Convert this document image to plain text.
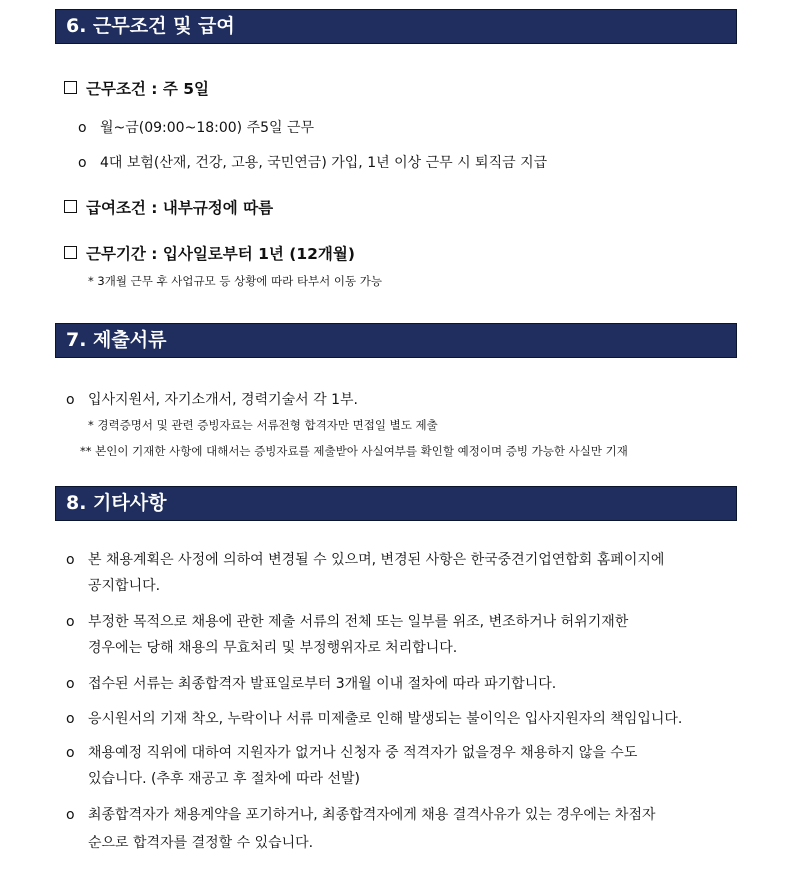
6. 근무조건 및 급여
근무조건 : 주 5일
o 월~금(09:00~18:00) 주5일 근무
o 4대 보험(산재, 건강, 고용, 국민연금) 가입, 1년 이상 근무 시 퇴직금 지급
급여조건 : 내부규정에 따름
근무기간 : 입사일로부터 1년 (12개월)
* 3개월 근무 후 사업규모 등 상황에 따라 타부서 이동 가능
7. 제출서류
o 입사지원서, 자기소개서, 경력기술서 각 1부.
* 경력증명서 및 관련 증빙자료는 서류전형 합격자만 면접일 별도 제출
** 본인이 기재한 사항에 대해서는 증빙자료를 제출받아 사실여부를 확인할 예정이며 증빙 가능한 사실만 기재
8. 기타사항
o 본 채용계획은 사정에 의하여 변경될 수 있으며, 변경된 사항은 한국중견기업연합회 홈페이지에
공지합니다.
o 부정한 목적으로 채용에 관한 제출 서류의 전체 또는 일부를 위조, 변조하거나 허위기재한
경우에는 당해 채용의 무효처리 및 부정행위자로 처리합니다.
o 접수된 서류는 최종합격자 발표일로부터 3개월 이내 절차에 따라 파기합니다.
o 응시원서의 기재 착오, 누락이나 서류 미제출로 인해 발생되는 불이익은 입사지원자의 책임입니다.
o 채용예정 직위에 대하여 지원자가 없거나 신청자 중 적격자가 없을경우 채용하지 않을 수도
있습니다. (추후 재공고 후 절차에 따라 선발)
o 최종합격자가 채용계약을 포기하거나, 최종합격자에게 채용 결격사유가 있는 경우에는 차점자
순으로 합격자를 결정할 수 있습니다.
